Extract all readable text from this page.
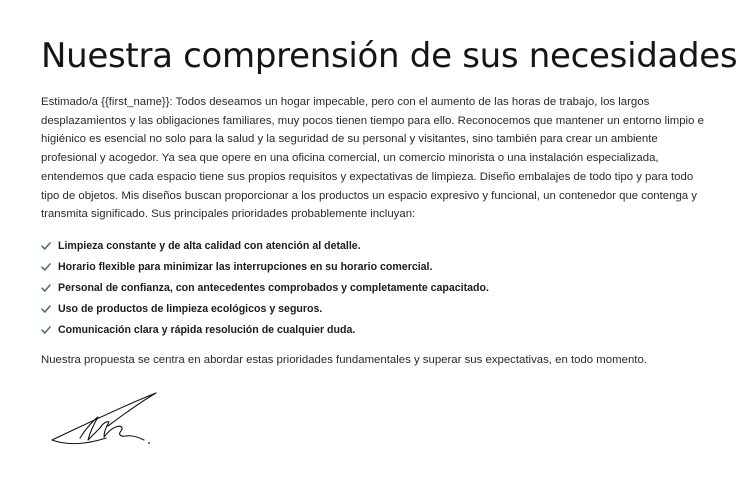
Nuestra comprensión de sus necesidades

Estimado/a {{first_name}}: Todos deseamos un hogar impecable, pero con el aumento de las horas de trabajo, los largos desplazamientos y las obligaciones familiares, muy pocos tienen tiempo para ello. Reconocemos que mantener un entorno limpio e higiénico es esencial no solo para la salud y la seguridad de su personal y visitantes, sino también para crear un ambiente profesional y acogedor. Ya sea que opere en una oficina comercial, un comercio minorista o una instalación especializada, entendemos que cada espacio tiene sus propios requisitos y expectativas de limpieza. Diseño embalajes de todo tipo y para todo tipo de objetos. Mis diseños buscan proporcionar a los productos un espacio expresivo y funcional, un contenedor que contenga y transmita significado. Sus principales prioridades probablemente incluyan:

Limpieza constante y de alta calidad con atención al detalle.
Horario flexible para minimizar las interrupciones en su horario comercial.
Personal de confianza, con antecedentes comprobados y completamente capacitado.
Uso de productos de limpieza ecológicos y seguros.
Comunicación clara y rápida resolución de cualquier duda.

Nuestra propuesta se centra en abordar estas prioridades fundamentales y superar sus expectativas, en todo momento.
